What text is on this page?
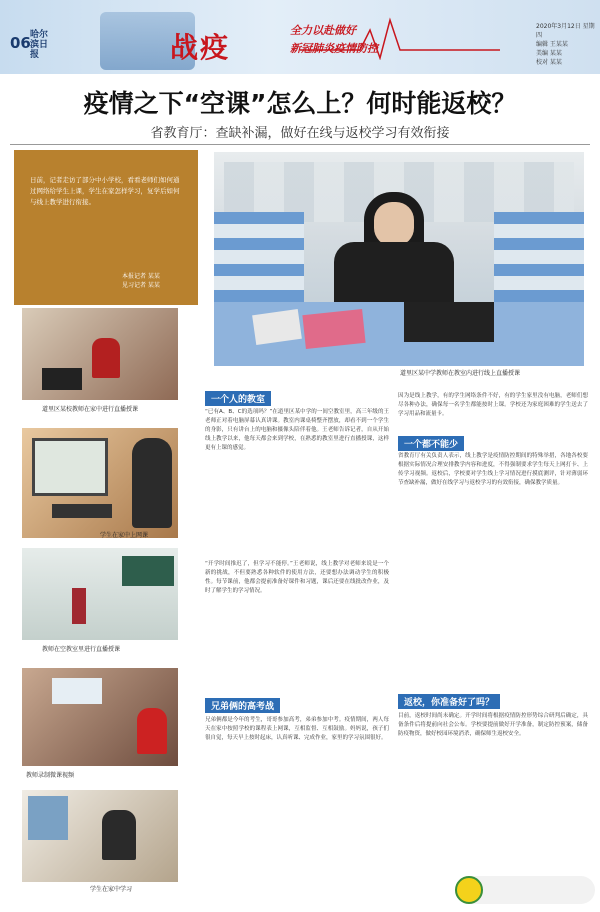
06 哈尔滨日报	战疫
全力以赴做好
新冠肺炎疫情防控
2020年3月12日 星期四
编辑 王某某
美编 某某
校对 某某
疫情之下“空课”怎么上？何时能返校？
省教育厅：查缺补漏，做好在线与返校学习有效衔接
日前，记者走访了部分中小学校，看看老师们如何通过网络给学生上课，学生在家怎样学习，复学后如何与线上教学进行衔接。
本报记者 某某
见习记者 某某
道里区某校教师在家中进行直播授课
学生在家中上网课
教师在空教室里进行直播授课
教师录制微课视频
学生在家中学习
道里区某中学教师在教室内进行线上直播授课
一个人的教室
一个都不能少
兄弟俩的高考战	返校，你准备好了吗？
“已有A、B、C的选项吗？”在道里区某中学的一间空教室里，高三年级的王老师正对着电脑屏幕认真讲课。教室内课桌椅整齐摆放，却看不到一个学生的身影，只有讲台上的电脑和摄像头陪伴着他。王老师告诉记者，自从开始线上教学以来，他每天都会来到学校，在熟悉的教室里进行直播授课，这样更有上课的感觉。
“开学时间推迟了，但学习不能停。”王老师说，线上教学对老师来说是一个新的挑战，不但要熟悉各种软件的使用方法，还要想办法调动学生的积极性。每节课前，他都会提前准备好课件和习题，课后还要在线批改作业，及时了解学生的学习情况。
兄弟俩都是今年的考生，哥哥参加高考，弟弟参加中考。疫情期间，两人每天在家中按照学校的课程表上网课，互相监督、互相鼓励。妈妈说，孩子们很自觉，每天早上按时起床，认真听课、完成作业，家里的学习氛围很好。
因为是线上教学，有的学生网络条件不好，有的学生家里没有电脑，老师们想尽各种办法，确保每一名学生都能按时上课。学校还为家庭困难的学生送去了学习用品和流量卡。
省教育厅有关负责人表示，线上教学是疫情防控期间的特殊举措，各地各校要根据实际情况合理安排教学内容和进度，不得强制要求学生每天上网打卡、上传学习视频。返校后，学校要对学生线上学习情况进行摸底测评，针对薄弱环节查缺补漏，做好在线学习与返校学习的有效衔接，确保教学质量。
目前，返校时间尚未确定。开学时间将根据疫情防控形势综合研判后确定，具备条件后将提前向社会公布。学校要提前做好开学准备，制定防控预案，储备防疫物资，做好校园环境消杀，确保师生返校安全。
